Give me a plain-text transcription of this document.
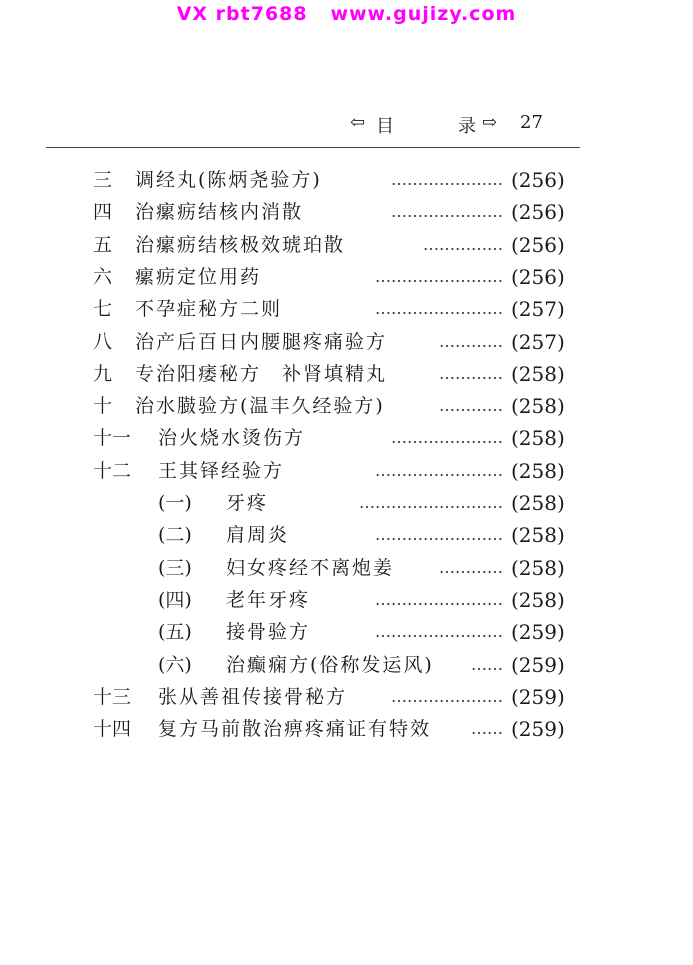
VX rbt7688   www.gujizy.com
⇦ 目	录 ⇨ 27
三 调经丸(陈炳尧验方)	………………… (256)
四 治瘰疬结核内消散	………………… (256)
五 治瘰疬结核极效琥珀散	…………… (256)
六 瘰疬定位用药	…………………… (256)
七 不孕症秘方二则	…………………… (257)
八 治产后百日内腰腿疼痛验方	………… (257)
九 专治阳痿秘方　补肾填精丸	………… (258)
十 治水臌验方(温丰久经验方)	………… (258)
十一 治火烧水烫伤方	………………… (258)
十二 王其铎经验方	…………………… (258)
(一) 牙疼	……………………… (258)
(二) 肩周炎	…………………… (258)
(三) 妇女疼经不离炮姜	………… (258)
(四) 老年牙疼	…………………… (258)
(五) 接骨验方	…………………… (259)
(六) 治癫痫方(俗称发运风)	…… (259)
十三 张从善祖传接骨秘方	………………… (259)
十四 复方马前散治痹疼痛证有特效	…… (259)
